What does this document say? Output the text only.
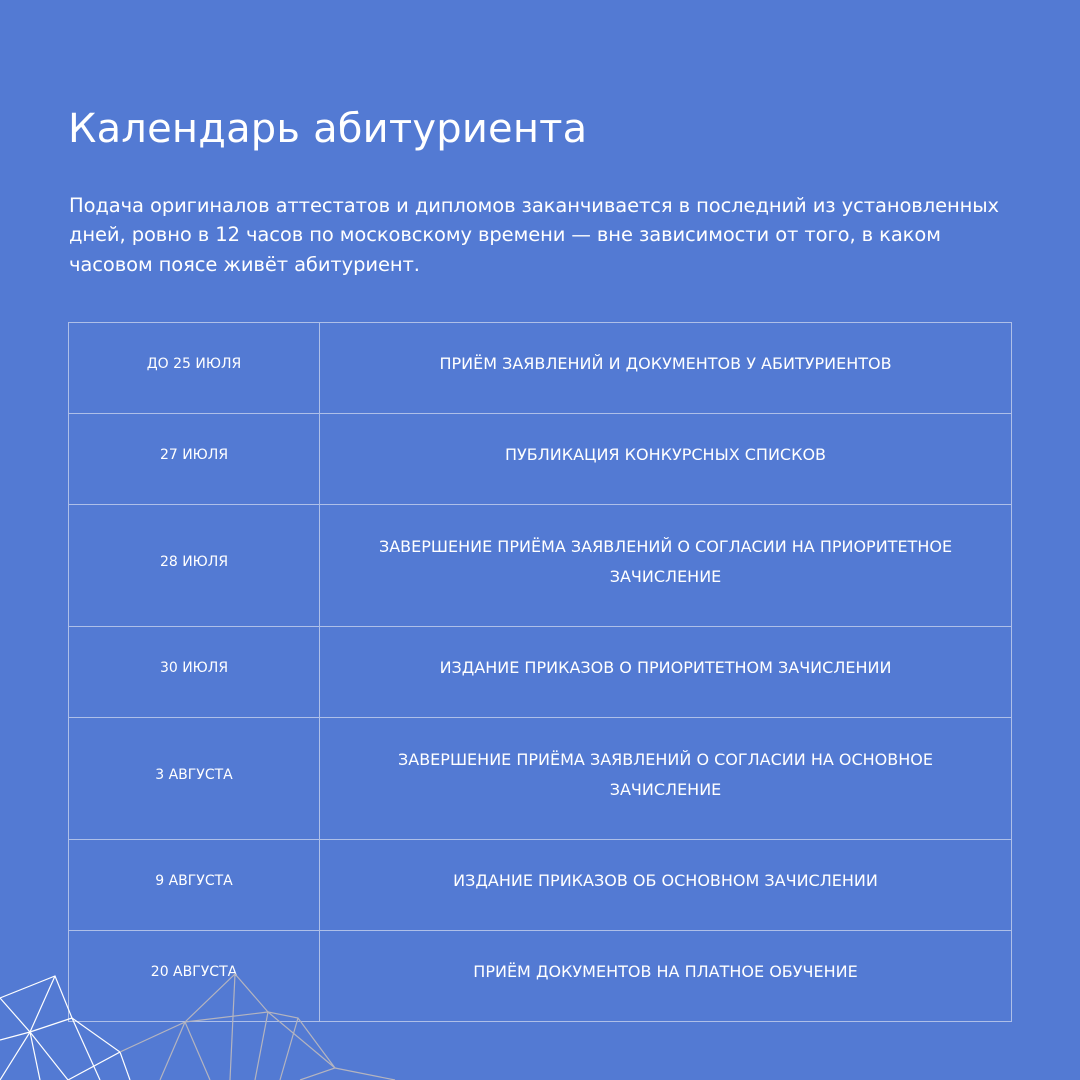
Календарь абитуриента

Подача оригиналов аттестатов и дипломов заканчивается в последний из установленных дней, ровно в 12 часов по московскому времени — вне зависимости от того, в каком часовом поясе живёт абитуриент.

ДО 25 ИЮЛЯ	ПРИЁМ ЗАЯВЛЕНИЙ И ДОКУМЕНТОВ У АБИТУРИЕНТОВ
27 ИЮЛЯ	ПУБЛИКАЦИЯ КОНКУРСНЫХ СПИСКОВ
28 ИЮЛЯ	ЗАВЕРШЕНИЕ ПРИЁМА ЗАЯВЛЕНИЙ О СОГЛАСИИ НА ПРИОРИТЕТНОЕ ЗАЧИСЛЕНИЕ
30 ИЮЛЯ	ИЗДАНИЕ ПРИКАЗОВ О ПРИОРИТЕТНОМ ЗАЧИСЛЕНИИ
3 АВГУСТА	ЗАВЕРШЕНИЕ ПРИЁМА ЗАЯВЛЕНИЙ О СОГЛАСИИ НА ОСНОВНОЕ ЗАЧИСЛЕНИЕ
9 АВГУСТА	ИЗДАНИЕ ПРИКАЗОВ ОБ ОСНОВНОМ ЗАЧИСЛЕНИИ
20 АВГУСТА	ПРИЁМ ДОКУМЕНТОВ НА ПЛАТНОЕ ОБУЧЕНИЕ
